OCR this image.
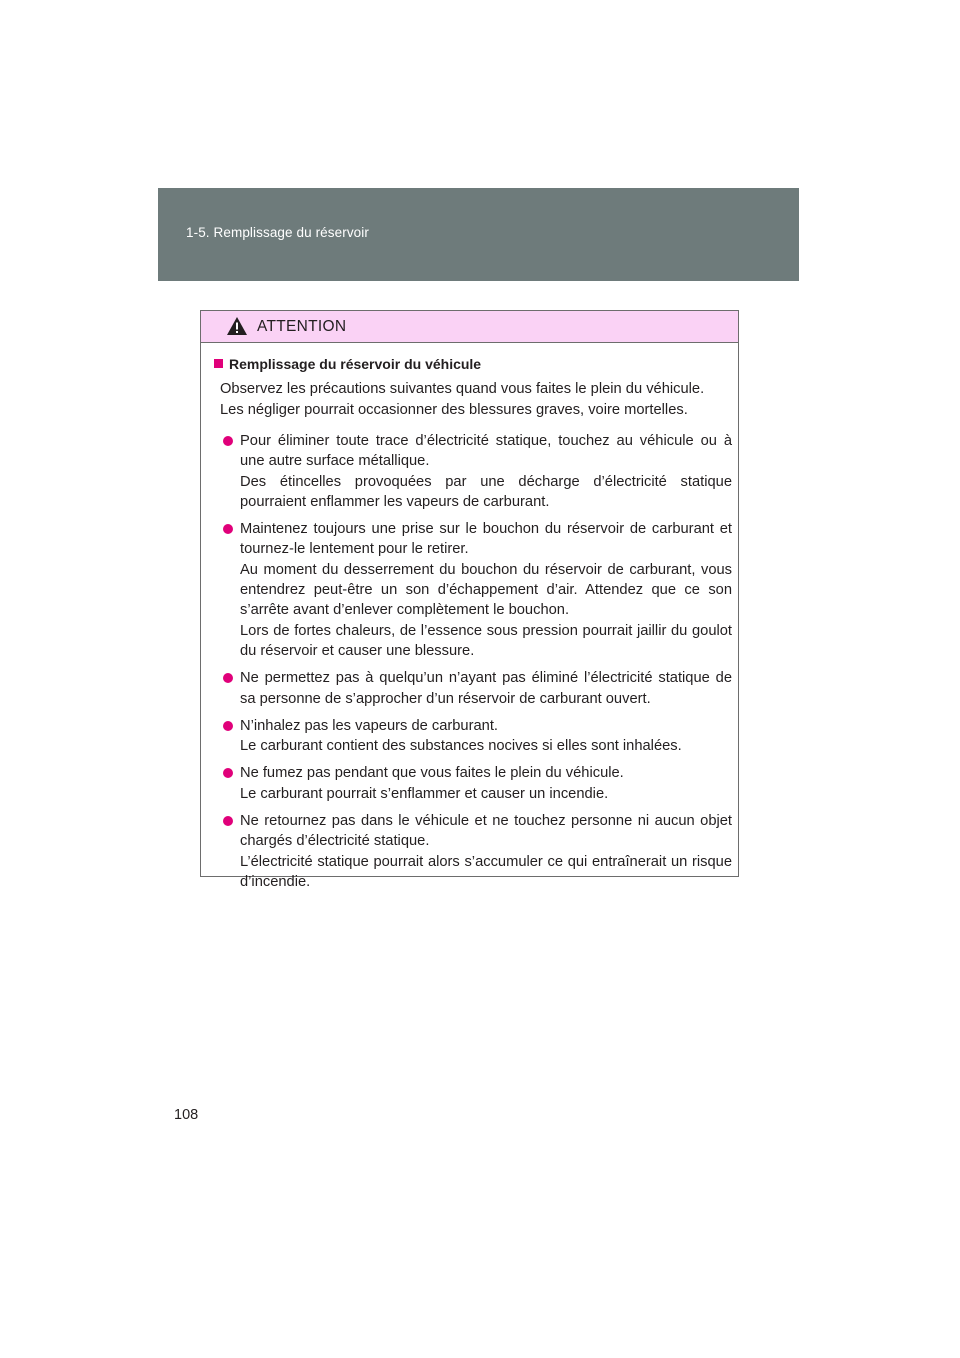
1-5. Remplissage du réservoir
ATTENTION
Remplissage du réservoir du véhicule

Observez les précautions suivantes quand vous faites le plein du véhicule.

Les négliger pourrait occasionner des blessures graves, voire mortelles.

Pour éliminer toute trace d’électricité statique, touchez au véhicule ou à une autre surface métallique.

Des étincelles provoquées par une décharge d’électricité statique pourraient enflammer les vapeurs de carburant.

Maintenez toujours une prise sur le bouchon du réservoir de carburant et tournez-le lentement pour le retirer.

Au moment du desserrement du bouchon du réservoir de carburant, vous entendrez peut-être un son d’échappement d’air. Attendez que ce son s’arrête avant d’enlever complètement le bouchon.

Lors de fortes chaleurs, de l’essence sous pression pourrait jaillir du goulot du réservoir et causer une blessure.

Ne permettez pas à quelqu’un n’ayant pas éliminé l’électricité statique de sa personne de s’approcher d’un réservoir de carburant ouvert.

N’inhalez pas les vapeurs de carburant.

Le carburant contient des substances nocives si elles sont inhalées.

Ne fumez pas pendant que vous faites le plein du véhicule.

Le carburant pourrait s’enflammer et causer un incendie.

Ne retournez pas dans le véhicule et ne touchez personne ni aucun objet chargés d’électricité statique.

L’électricité statique pourrait alors s’accumuler ce qui entraînerait un risque d’incendie.

108
